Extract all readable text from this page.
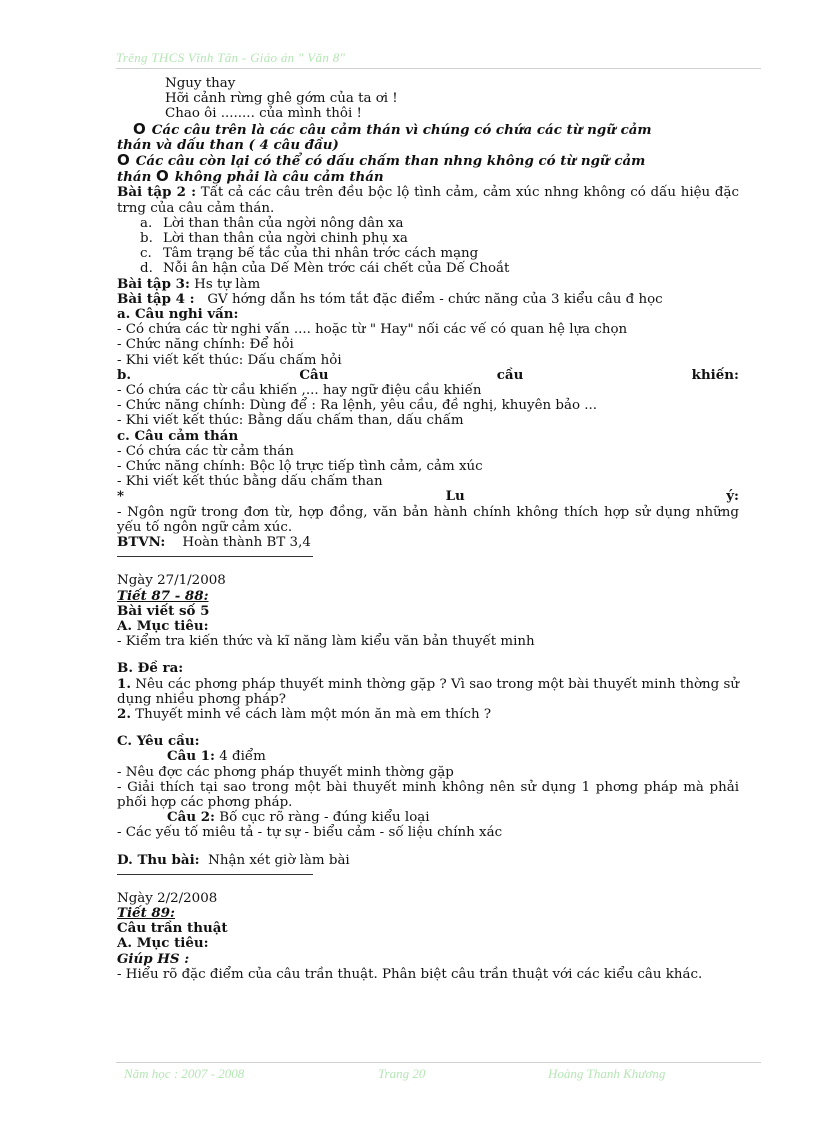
Trêng THCS Vĩnh Tân - Giáo án " Văn 8"
Nguy thay
Hỡi cảnh rừng ghê gớm của ta ơi !
Chao ôi ........ của mình thôi !
O Các câu trên là các câu cảm thán vì chúng có chứa các từ ngữ cảm
thán và dấu than ( 4 câu đầu)
O Các câu còn lại có thể có dấu chấm than nhng không có từ ngữ cảm
thán O không phải là câu cảm thán
Bài tập 2 : Tất cả các câu trên đều bộc lộ tình cảm, cảm xúc nhng không có dấu hiệu đặc trng của câu cảm thán.
a. Lời than thân của ngời nông dân xa
b. Lời than thân của ngời chinh phụ xa
c. Tâm trạng bế tắc của thi nhân trớc cách mạng
d. Nỗi ân hận của Dế Mèn trớc cái chết của Dế Choắt
Bài tập 3: Hs tự làm
Bài tập 4 : GV hớng dẫn hs tóm tắt đặc điểm - chức năng của 3 kiểu câu đ học
a. Câu nghi vấn:
- Có chứa các từ nghi vấn .... hoặc từ " Hay" nối các vế có quan hệ lựa chọn
- Chức năng chính: Để hỏi
- Khi viết kết thúc: Dấu chấm hỏi
b.	Câu	cầu	khiến:
- Có chứa các từ cầu khiến ,... hay ngữ điệu cầu khiến
- Chức năng chính: Dùng để : Ra lệnh, yêu cầu, đề nghị, khuyên bảo ...
- Khi viết kết thúc: Bằng dấu chấm than, dấu chấm
c. Câu cảm thán
- Có chứa các từ cảm thán
- Chức năng chính: Bộc lộ trực tiếp tình cảm, cảm xúc
- Khi viết kết thúc bằng dấu chấm than
*	Lu	ý:
- Ngôn ngữ trong đơn từ, hợp đồng, văn bản hành chính không thích hợp sử dụng những yếu tố ngôn ngữ cảm xúc.
BTVN: Hoàn thành BT 3,4
Ngày 27/1/2008
Tiết 87 - 88:
Bài viết số 5
A. Mục tiêu:
- Kiểm tra kiến thức và kĩ năng làm kiểu văn bản thuyết minh
B. Đề ra:
1. Nêu các phơng pháp thuyết minh thờng gặp ? Vì sao trong một bài thuyết minh thờng sử dụng nhiều phơng pháp?
2. Thuyết minh về cách làm một món ăn mà em thích ?
C. Yêu cầu:
Câu 1: 4 điểm
- Nêu đợc các phơng pháp thuyết minh thờng gặp
- Giải thích tại sao trong một bài thuyết minh không nên sử dụng 1 phơng pháp mà phải phối hợp các phơng pháp.
Câu 2: Bố cục rõ ràng - đúng kiểu loại
- Các yếu tố miêu tả - tự sự - biểu cảm - số liệu chính xác
D. Thu bài: Nhận xét giờ làm bài
Ngày 2/2/2008
Tiết 89:
Câu trần thuật
A. Mục tiêu:
Giúp HS :
- Hiểu rõ đặc điểm của câu trần thuật. Phân biệt câu trần thuật với các kiểu câu khác.
Năm học : 2007 - 2008	Trang 20	Hoàng Thanh Khương
